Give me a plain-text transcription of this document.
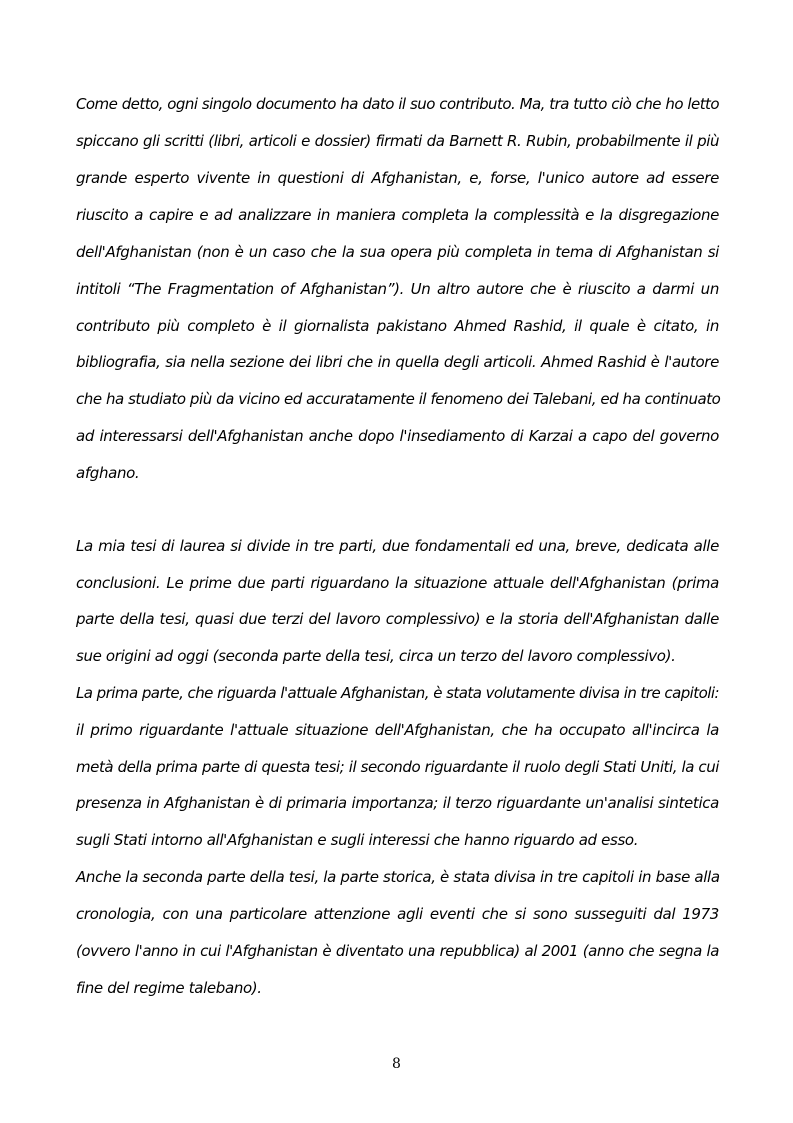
Come detto, ogni singolo documento ha dato il suo contributo. Ma, tra tutto ciò che ho letto
spiccano gli scritti (libri, articoli e dossier) firmati da Barnett R. Rubin, probabilmente il più
grande esperto vivente in questioni di Afghanistan, e, forse, l'unico autore ad essere
riuscito a capire e ad analizzare in maniera completa la complessità e la disgregazione
dell'Afghanistan (non è un caso che la sua opera più completa in tema di Afghanistan si
intitoli “The Fragmentation of Afghanistan”). Un altro autore che è riuscito a darmi un
contributo più completo è il giornalista pakistano Ahmed Rashid, il quale è citato, in
bibliografia, sia nella sezione dei libri che in quella degli articoli. Ahmed Rashid è l'autore
che ha studiato più da vicino ed accuratamente il fenomeno dei Talebani, ed ha continuato
ad interessarsi dell'Afghanistan anche dopo l'insediamento di Karzai a capo del governo
afghano.
La mia tesi di laurea si divide in tre parti, due fondamentali ed una, breve, dedicata alle
conclusioni. Le prime due parti riguardano la situazione attuale dell'Afghanistan (prima
parte della tesi, quasi due terzi del lavoro complessivo) e la storia dell'Afghanistan dalle
sue origini ad oggi (seconda parte della tesi, circa un terzo del lavoro complessivo).
La prima parte, che riguarda l'attuale Afghanistan, è stata volutamente divisa in tre capitoli:
il primo riguardante l'attuale situazione dell'Afghanistan, che ha occupato all'incirca la
metà della prima parte di questa tesi; il secondo riguardante il ruolo degli Stati Uniti, la cui
presenza in Afghanistan è di primaria importanza; il terzo riguardante un'analisi sintetica
sugli Stati intorno all'Afghanistan e sugli interessi che hanno riguardo ad esso.
Anche la seconda parte della tesi, la parte storica, è stata divisa in tre capitoli in base alla
cronologia, con una particolare attenzione agli eventi che si sono susseguiti dal 1973
(ovvero l'anno in cui l'Afghanistan è diventato una repubblica) al 2001 (anno che segna la
fine del regime talebano).
8
